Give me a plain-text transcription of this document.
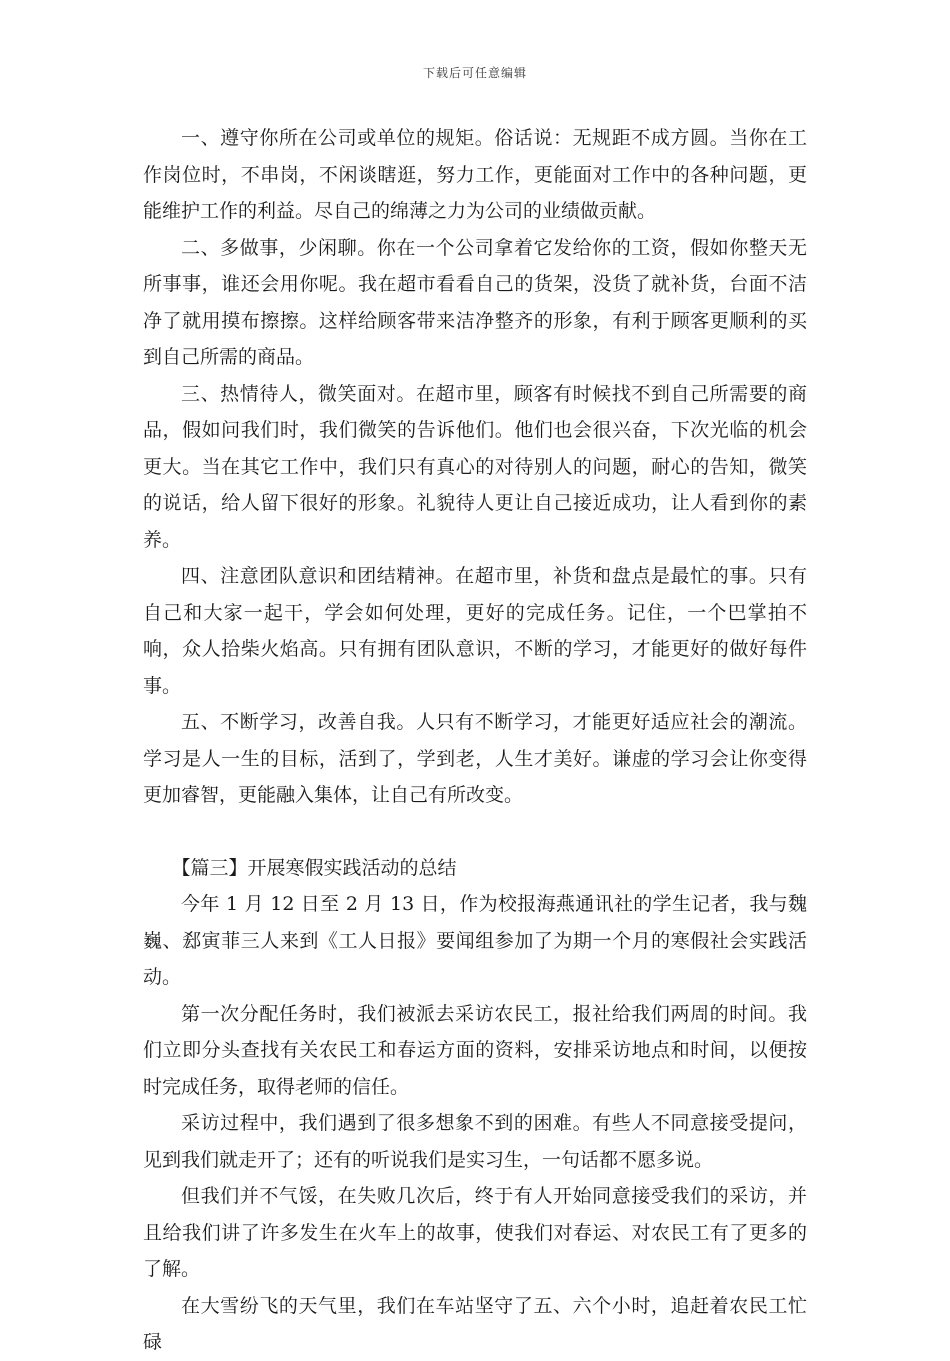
下载后可任意编辑

一、遵守你所在公司或单位的规矩。俗话说：无规距不成方圆。当你在工作岗位时，不串岗，不闲谈瞎逛，努力工作，更能面对工作中的各种问题，更能维护工作的利益。尽自己的绵薄之力为公司的业绩做贡献。

二、多做事，少闲聊。你在一个公司拿着它发给你的工资，假如你整天无所事事，谁还会用你呢。我在超市看看自己的货架，没货了就补货，台面不洁净了就用摸布擦擦。这样给顾客带来洁净整齐的形象，有利于顾客更顺利的买到自己所需的商品。

三、热情待人，微笑面对。在超市里，顾客有时候找不到自己所需要的商品，假如问我们时，我们微笑的告诉他们。他们也会很兴奋，下次光临的机会更大。当在其它工作中，我们只有真心的对待别人的问题，耐心的告知，微笑的说话，给人留下很好的形象。礼貌待人更让自己接近成功，让人看到你的素养。

四、注意团队意识和团结精神。在超市里，补货和盘点是最忙的事。只有自己和大家一起干，学会如何处理，更好的完成任务。记住，一个巴掌拍不响，众人拾柴火焰高。只有拥有团队意识，不断的学习，才能更好的做好每件事。

五、不断学习，改善自我。人只有不断学习，才能更好适应社会的潮流。学习是人一生的目标，活到了，学到老，人生才美好。谦虚的学习会让你变得更加睿智，更能融入集体，让自己有所改变。

【篇三】开展寒假实践活动的总结

今年 1 月 12 日至 2 月 13 日，作为校报海燕通讯社的学生记者，我与魏巍、郄寅菲三人来到《工人日报》要闻组参加了为期一个月的寒假社会实践活动。

第一次分配任务时，我们被派去采访农民工，报社给我们两周的时间。我们立即分头查找有关农民工和春运方面的资料，安排采访地点和时间，以便按时完成任务，取得老师的信任。

采访过程中，我们遇到了很多想象不到的困难。有些人不同意接受提问，见到我们就走开了；还有的听说我们是实习生，一句话都不愿多说。

但我们并不气馁，在失败几次后，终于有人开始同意接受我们的采访，并且给我们讲了许多发生在火车上的故事，使我们对春运、对农民工有了更多的了解。

在大雪纷飞的天气里，我们在车站坚守了五、六个小时，追赶着农民工忙碌
